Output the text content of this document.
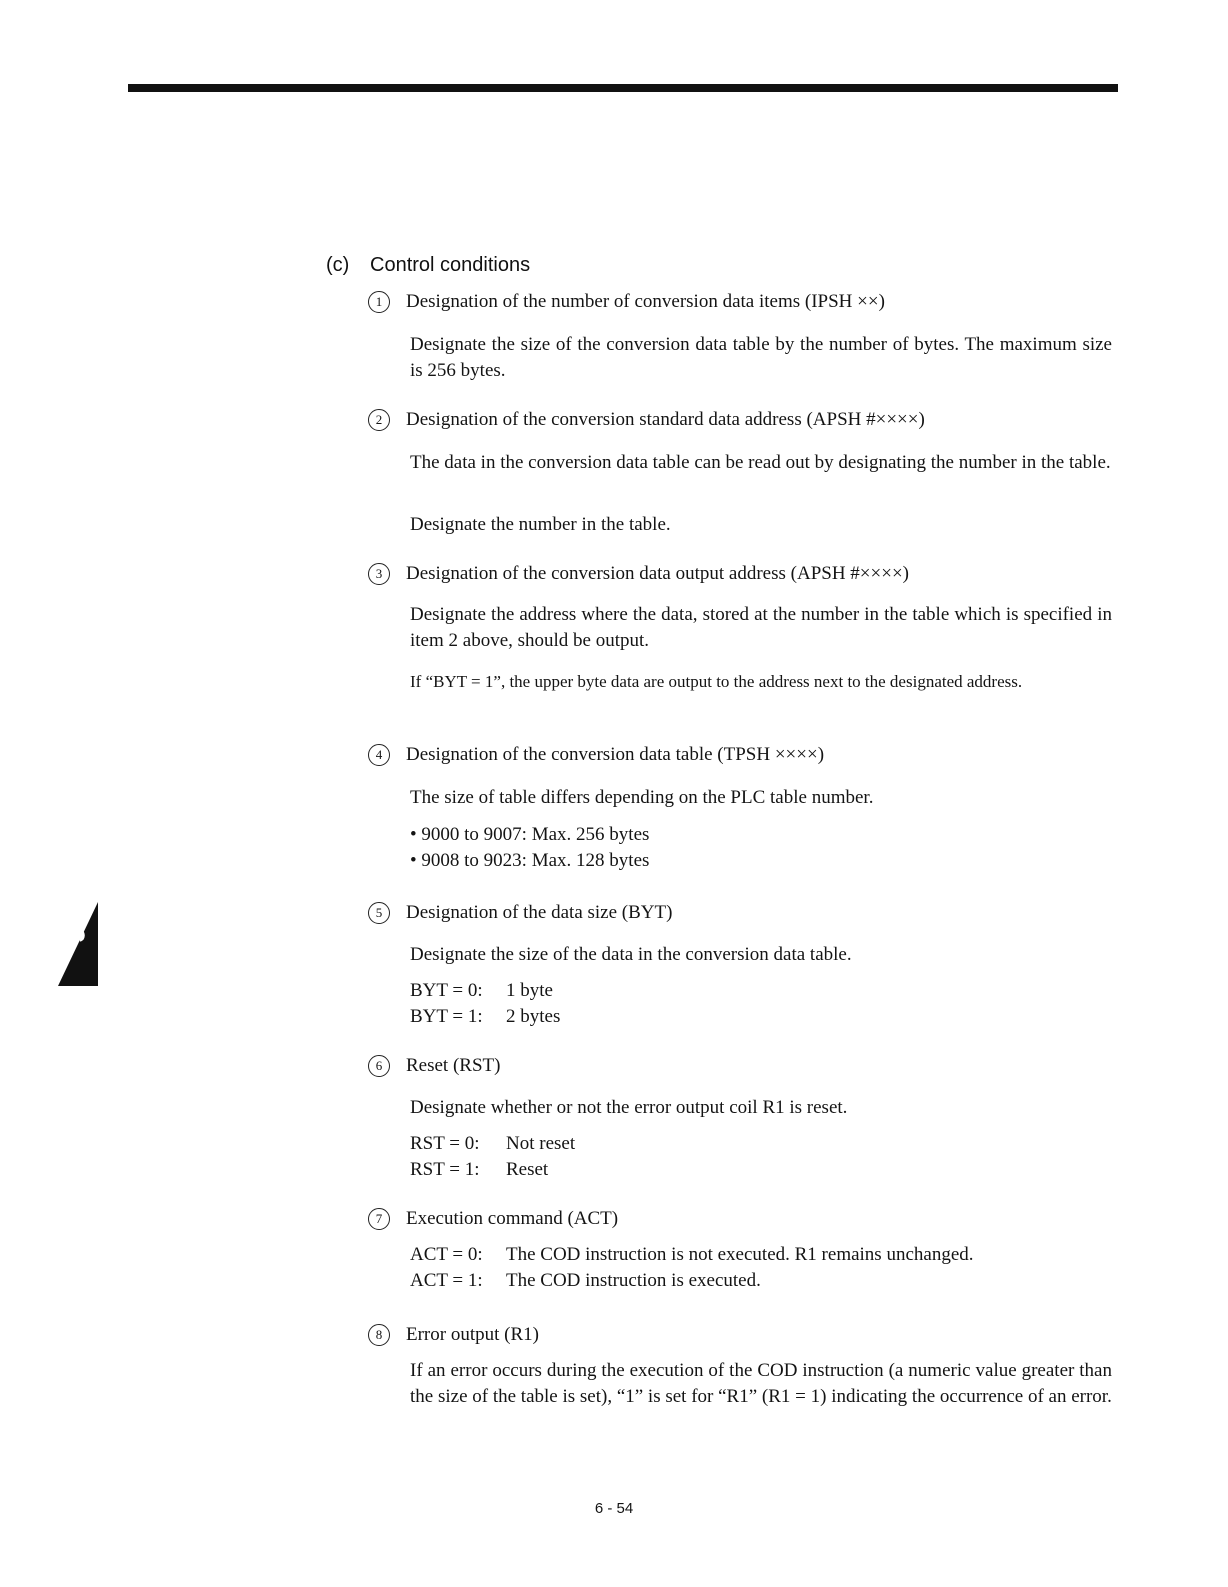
6
(c) Control conditions
1 Designation of the number of conversion data items (IPSH ××)
Designate the size of the conversion data table by the number of bytes. The maximum size is 256 bytes.
2 Designation of the conversion standard data address (APSH #××××)
The data in the conversion data table can be read out by designating the number in the table.
Designate the number in the table.
3 Designation of the conversion data output address (APSH #××××)
Designate the address where the data, stored at the number in the table which is specified in item 2 above, should be output.
If “BYT = 1”, the upper byte data are output to the address next to the designated address.
4 Designation of the conversion data table (TPSH ××××)
The size of table differs depending on the PLC table number.
• 9000 to 9007: Max. 256 bytes
• 9008 to 9023: Max. 128 bytes
5 Designation of the data size (BYT)
Designate the size of the data in the conversion data table.
BYT = 0: 1 byte
BYT = 1: 2 bytes
6 Reset (RST)
Designate whether or not the error output coil R1 is reset.
RST = 0: Not reset
RST = 1: Reset
7 Execution command (ACT)
ACT = 0: The COD instruction is not executed. R1 remains unchanged.
ACT = 1: The COD instruction is executed.
8 Error output (R1)
If an error occurs during the execution of the COD instruction (a numeric value greater than the size of the table is set), “1” is set for “R1” (R1 = 1) indicating the occurrence of an error.
6 - 54
